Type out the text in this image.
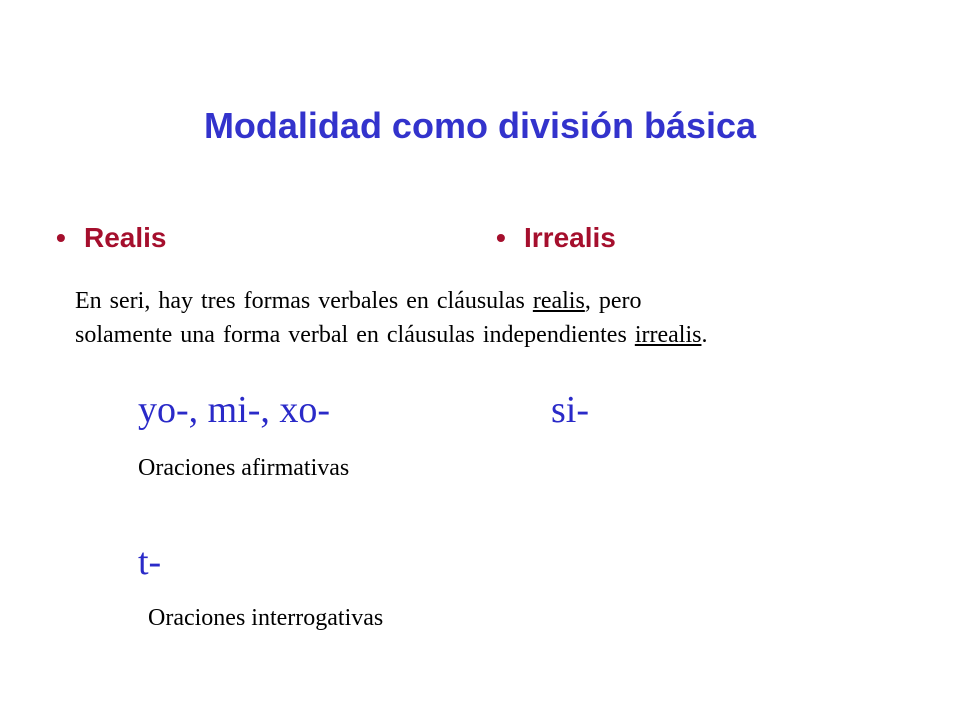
Modalidad como división básica
• Realis	• Irrealis
En seri, hay tres formas verbales en cláusulas realis, pero
solamente una forma verbal en cláusulas independientes irrealis.
yo-, mi-, xo-	si-
Oraciones afirmativas
t-
Oraciones interrogativas
